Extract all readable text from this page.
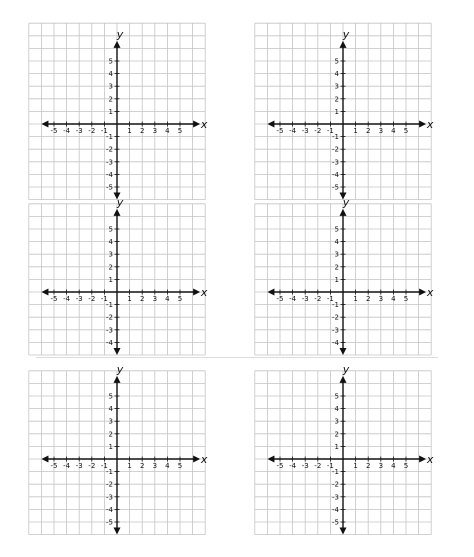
-5 -4 -3 -2 -1	1 2 3 4 5
5
4
3
2
1
-1
-2
-3
-4
-5
x
y
-5 -4 -3 -2 -1	1 2 3 4 5
5
4
3
2
1
-1
-2
-3
-4
-5
x
y
-5 -4 -3 -2 -1	1 2 3 4 5
5
4
3
2
1
-1
-2
-3
-4
x
y
-5 -4 -3 -2 -1	1 2 3 4 5
5
4
3
2
1
-1
-2
-3
-4
x
y
-5 -4 -3 -2 -1	1 2 3 4 5
5
4
3
2
1
-1
-2
-3
-4
-5
x
y
-5 -4 -3 -2 -1	1 2 3 4 5
5
4
3
2
1
-1
-2
-3
-4
-5
x
y
